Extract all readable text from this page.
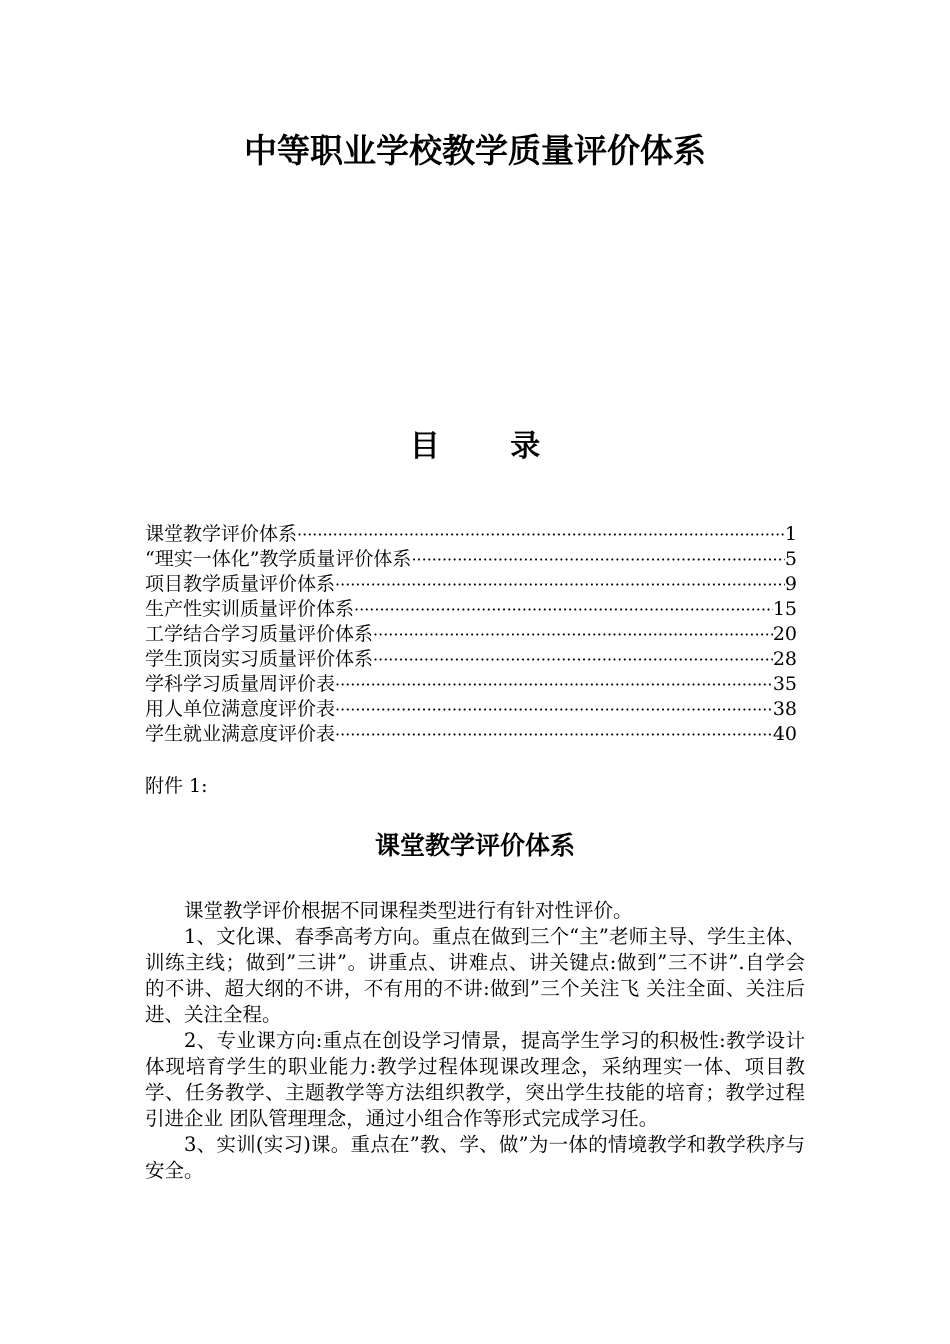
中等职业学校教学质量评价体系
目 录
课堂教学评价体系 ·····	1
“理实一体化”教学质量评价体系 ·····	5
项目教学质量评价体系 ·····	9
生产性实训质量评价体系 ·····	15
工学结合学习质量评价体系 ·····	20
学生顶岗实习质量评价体系 ·····	28
学科学习质量周评价表 ·····	35
用人单位满意度评价表 ·····	38
学生就业满意度评价表 ·····	40

附件 1:

课堂教学评价体系

课堂教学评价根据不同课程类型进行有针对性评价。

1、文化课、春季高考方向。重点在做到三个“主”老师主导、学生主体、训练主线；做到”三讲”。讲重点、讲难点、讲关键点:做到”三不讲”.自学会 的不讲、超大纲的不讲，不有用的不讲:做到”三个关注飞 关注全面、关注后进、关注全程。

2、专业课方向:重点在创设学习情景，提高学生学习的积极性:教学设计体现培育学生的职业能力:教学过程体现课改理念，采纳理实一体、项目教学、任务教学、主题教学等方法组织教学，突出学生技能的培育；教学过程引进企业 团队管理理念，通过小组合作等形式完成学习任。

3、实训(实习)课。重点在”教、学、做”为一体的情境教学和教学秩序与安全。
